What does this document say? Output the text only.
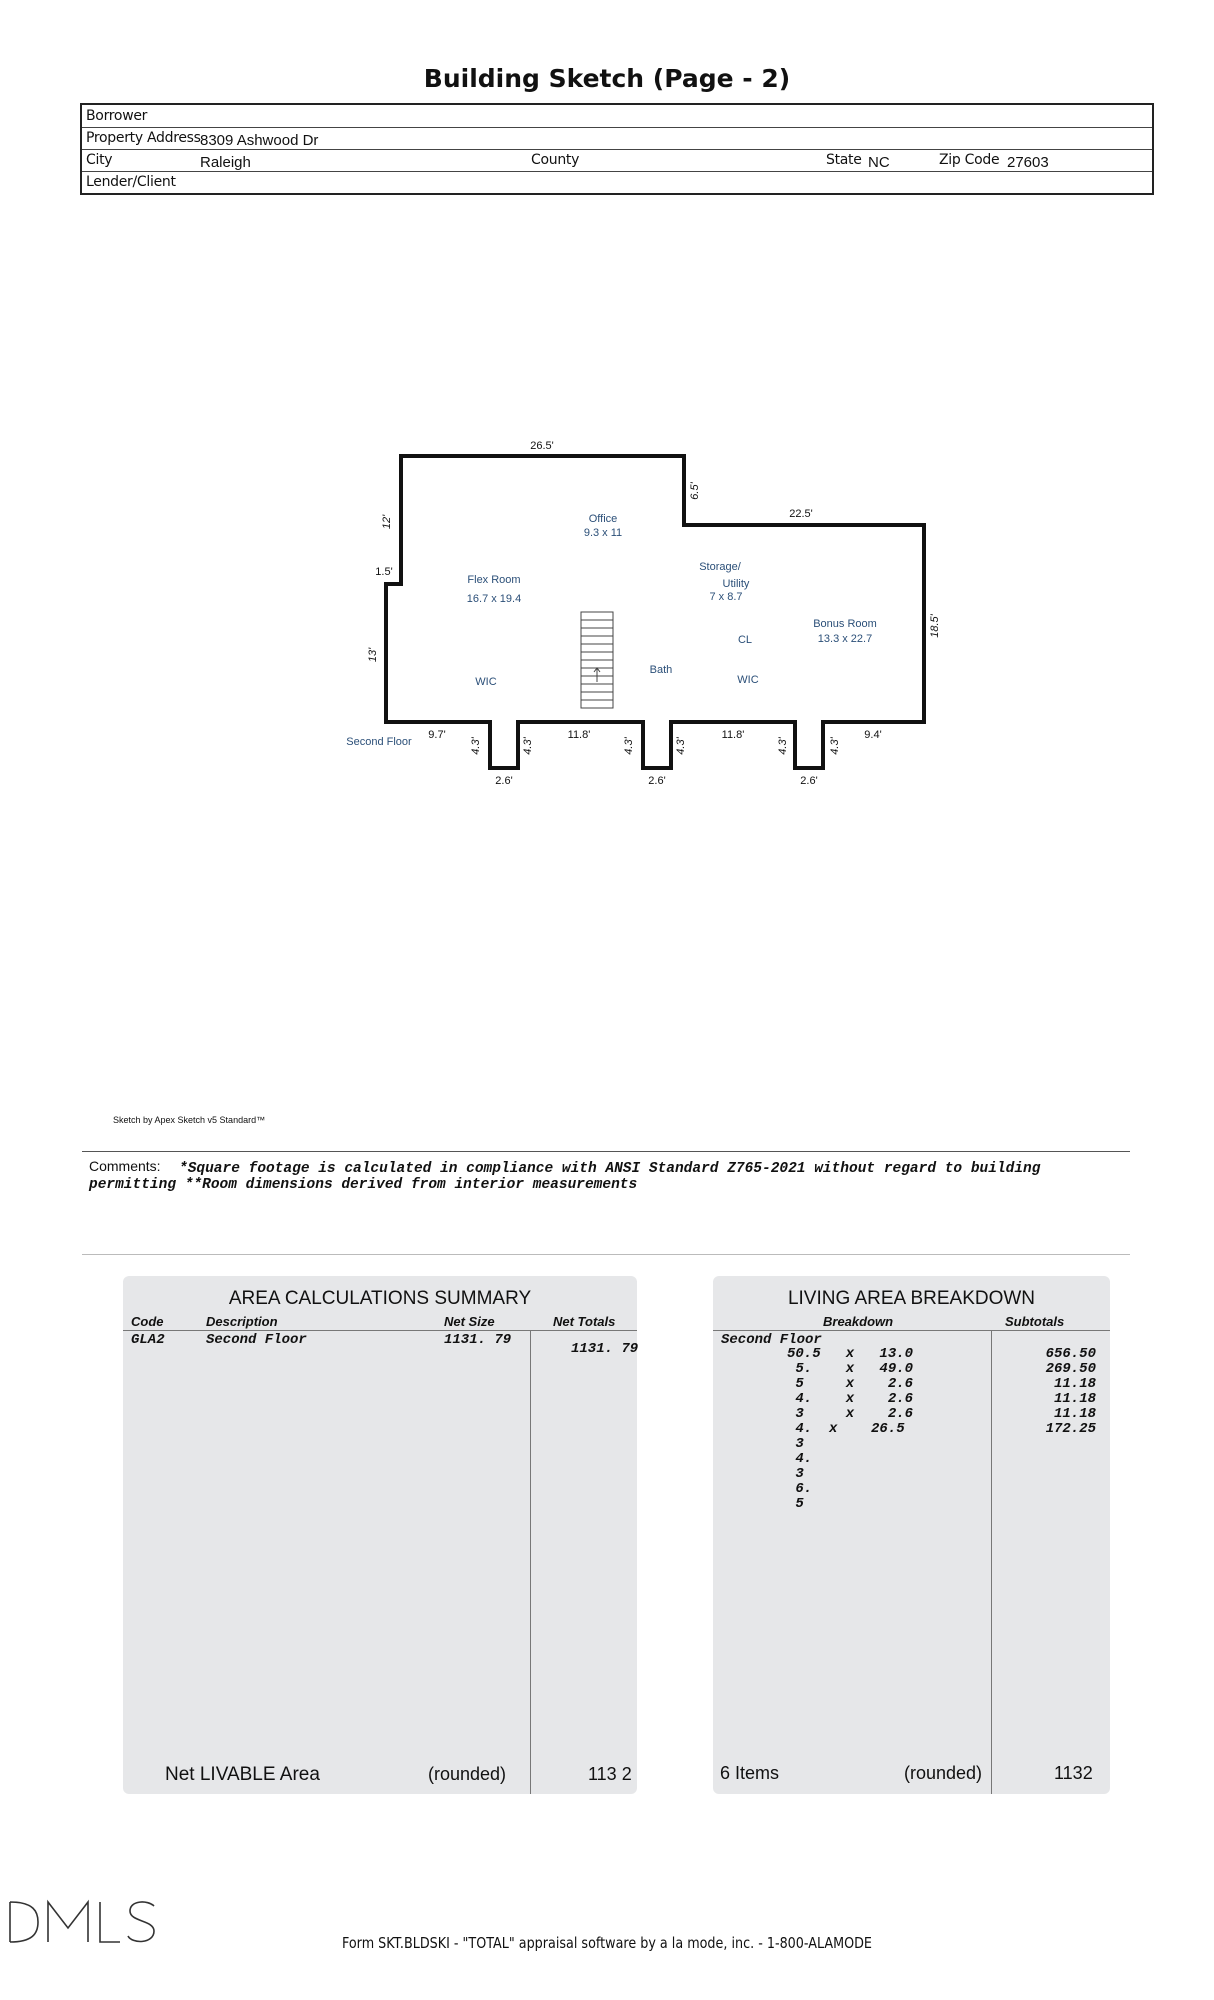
Building Sketch (Page - 2)
Borrower
Property Address 8309 Ashwood Dr
City	Raleigh	County	State NC	Zip Code 27603
Lender/Client
26.5'
12'
1.5'
13'
6.5'
22.5'
18.5'
9.7'	11.8'	11.8'	9.4'
4.3'	4.3'	4.3'	4.3'	4.3'	4.3'
2.6'	2.6'	2.6'
Office
9.3 x 11
Flex Room
16.7 x 19.4
Storage/
Utility
7 x 8.7
Bonus Room
13.3 x 22.7
CL
Bath
WIC	WIC
Second Floor
Sketch by Apex Sketch v5 Standard™
Comments:	*Square footage is calculated in compliance with ANSI Standard Z765-2021 without regard to building permitting **Room dimensions derived from interior measurements
AREA CALCULATIONS SUMMARY
Code	Description	Net Size	Net Totals
GLA2	Second Floor	1131. 79
1131. 79
Net LIVABLE Area	(rounded)	113 2
LIVING AREA BREAKDOWN
Breakdown	Subtotals
Second Floor
50.5   x   13.0	656.50
5.    x   49.0	269.50
5     x    2.6	11.18
4.    x    2.6	11.18
3     x    2.6	11.18
4.  x    26.5	172.25
3
4.
3
6.
5
6 Items	(rounded)	1132
Form SKT.BLDSKI - "TOTAL" appraisal software by a la mode, inc. - 1-800-ALAMODE
